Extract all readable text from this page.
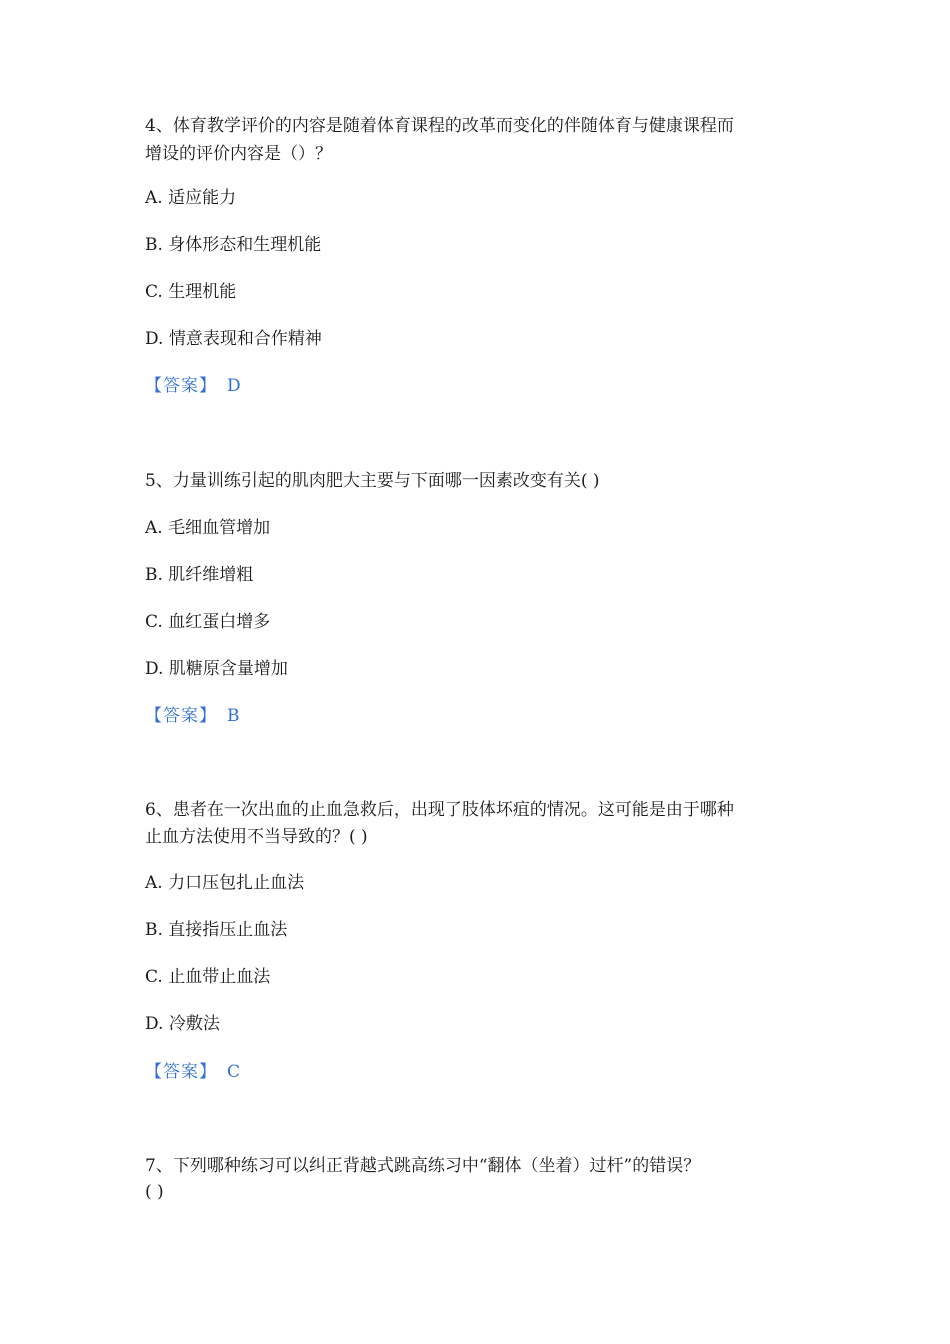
4、体育教学评价的内容是随着体育课程的改革而变化的伴随体育与健康课程而
增设的评价内容是（）？
A. 适应能力
B. 身体形态和生理机能
C. 生理机能
D. 情意表现和合作精神
【答案】 D
5、力量训练引起的肌肉肥大主要与下面哪一因素改变有关( )
A. 毛细血管增加
B. 肌纤维增粗
C. 血红蛋白增多
D. 肌糖原含量增加
【答案】 B
6、患者在一次出血的止血急救后，出现了肢体坏疽的情况。这可能是由于哪种
止血方法使用不当导致的？( )
A. 力口压包扎止血法
B. 直接指压止血法
C. 止血带止血法
D. 冷敷法
【答案】 C
7、下列哪种练习可以纠正背越式跳高练习中“翻体（坐着）过杆”的错误？
( )
